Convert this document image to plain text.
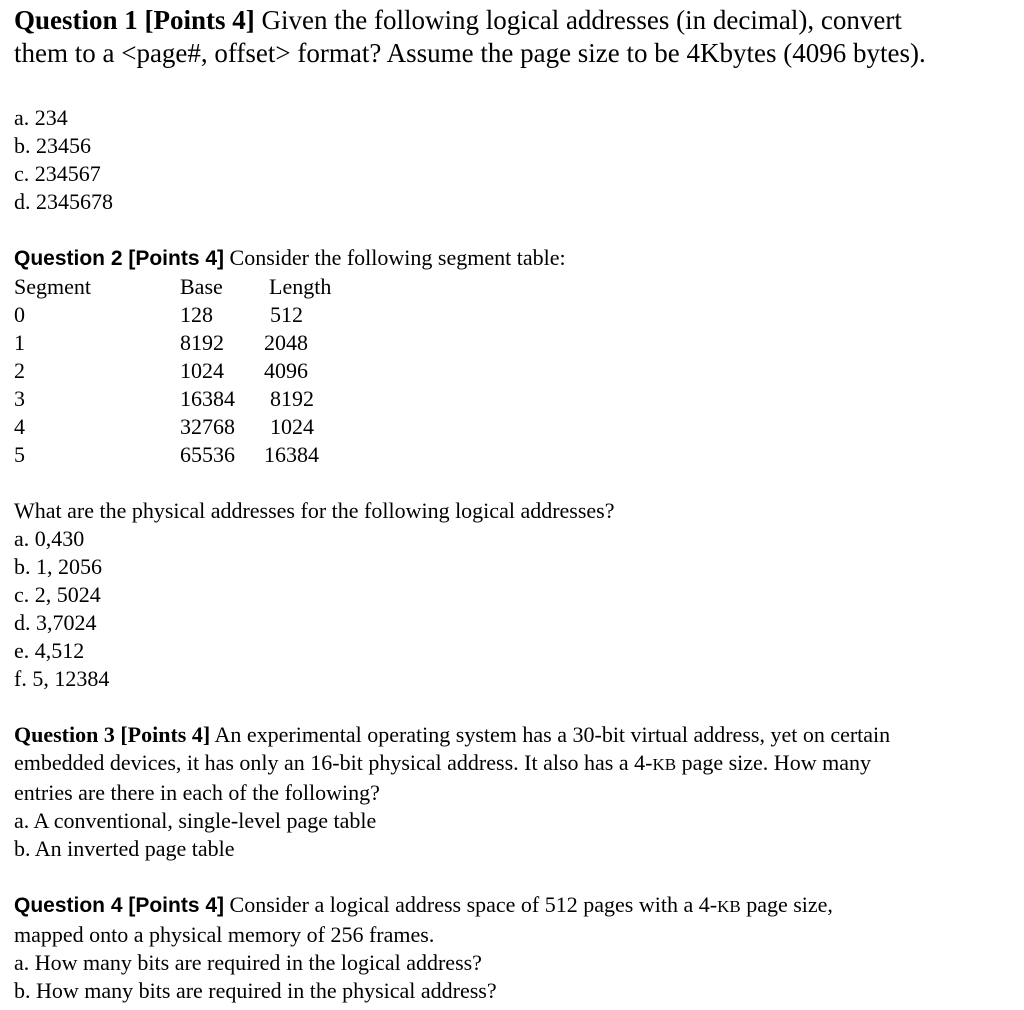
Question 1 [Points 4] Given the following logical addresses (in decimal), convert
them to a <page#, offset> format? Assume the page size to be 4Kbytes (4096 bytes).
a. 234
b. 23456
c. 234567
d. 2345678
Question 2 [Points 4] Consider the following segment table:
Segment	Base	Length
0	128	512
1	8192	2048
2	1024	4096
3	16384	8192
4	32768	1024
5	65536	16384
What are the physical addresses for the following logical addresses?
a. 0,430
b. 1, 2056
c. 2, 5024
d. 3,7024
e. 4,512
f. 5, 12384
Question 3 [Points 4] An experimental operating system has a 30-bit virtual address, yet on certain
embedded devices, it has only an 16-bit physical address. It also has a 4-KB page size. How many
entries are there in each of the following?
a. A conventional, single-level page table
b. An inverted page table
Question 4 [Points 4] Consider a logical address space of 512 pages with a 4-KB page size,
mapped onto a physical memory of 256 frames.
a. How many bits are required in the logical address?
b. How many bits are required in the physical address?
